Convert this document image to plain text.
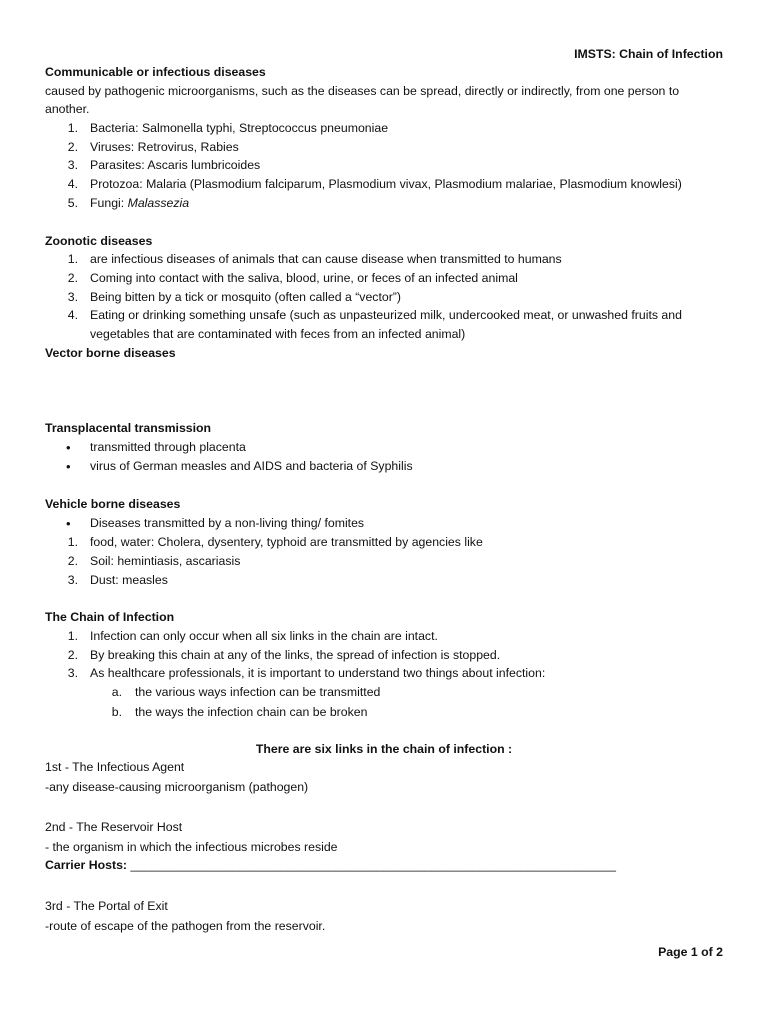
IMSTS: Chain of Infection
Communicable or infectious diseases
caused by pathogenic microorganisms, such as the diseases can be spread, directly or indirectly, from one person to
another.
1. Bacteria: Salmonella typhi, Streptococcus pneumoniae
2. Viruses: Retrovirus, Rabies
3. Parasites: Ascaris lumbricoides
4. Protozoa: Malaria (Plasmodium falciparum, Plasmodium vivax, Plasmodium malariae, Plasmodium knowlesi)
5. Fungi: Malassezia
Zoonotic diseases
1. are infectious diseases of animals that can cause disease when transmitted to humans
2. Coming into contact with the saliva, blood, urine, or feces of an infected animal
3. Being bitten by a tick or mosquito (often called a “vector”)
4. Eating or drinking something unsafe (such as unpasteurized milk, undercooked meat, or unwashed fruits and
vegetables that are contaminated with feces from an infected animal)
Vector borne diseases
Transplacental transmission
• transmitted through placenta
• virus of German measles and AIDS and bacteria of Syphilis
Vehicle borne diseases
• Diseases transmitted by a non-living thing/ fomites
1. food, water: Cholera, dysentery, typhoid are transmitted by agencies like
2. Soil: hemintiasis, ascariasis
3. Dust: measles
The Chain of Infection
1. Infection can only occur when all six links in the chain are intact.
2. By breaking this chain at any of the links, the spread of infection is stopped.
3. As healthcare professionals, it is important to understand two things about infection:
a. the various ways infection can be transmitted
b. the ways the infection chain can be broken
There are six links in the chain of infection :
1st - The Infectious Agent
-any disease-causing microorganism (pathogen)
2nd - The Reservoir Host
- the organism in which the infectious microbes reside
Carrier Hosts: _______________________________________________________________________
3rd - The Portal of Exit
-route of escape of the pathogen from the reservoir.
Page 1 of 2
